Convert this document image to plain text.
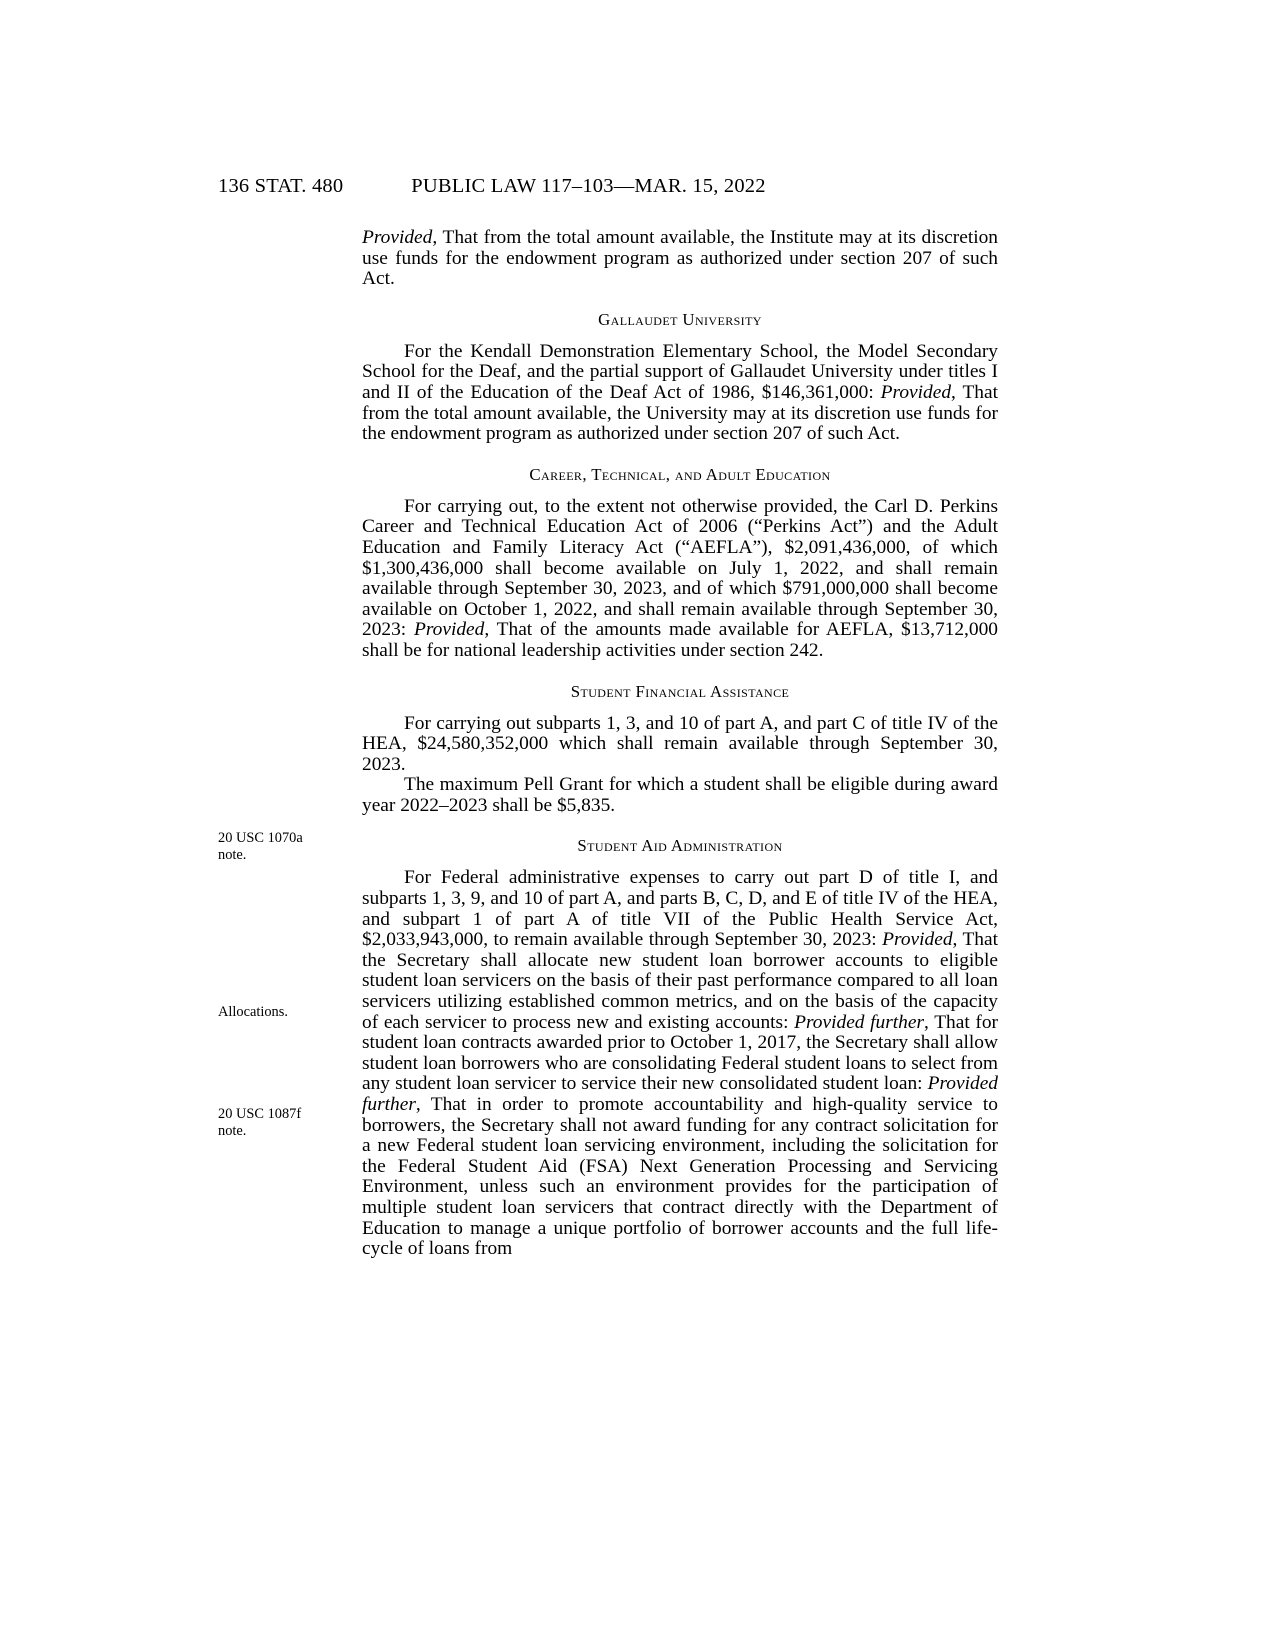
136 STAT. 480	PUBLIC LAW 117–103—MAR. 15, 2022
20 USC 1070a
note.
Allocations.
20 USC 1087f
note.

Provided, That from the total amount available, the Institute may at its discretion use funds for the endowment program as authorized under section 207 of such Act.

Gallaudet University

For the Kendall Demonstration Elementary School, the Model Secondary School for the Deaf, and the partial support of Gallaudet University under titles I and II of the Education of the Deaf Act of 1986, $146,361,000: Provided, That from the total amount available, the University may at its discretion use funds for the endowment program as authorized under section 207 of such Act.

Career, Technical, and Adult Education

For carrying out, to the extent not otherwise provided, the Carl D. Perkins Career and Technical Education Act of 2006 (“Perkins Act”) and the Adult Education and Family Literacy Act (“AEFLA”), $2,091,436,000, of which $1,300,436,000 shall become available on July 1, 2022, and shall remain available through September 30, 2023, and of which $791,000,000 shall become available on October 1, 2022, and shall remain available through September 30, 2023: Provided, That of the amounts made available for AEFLA, $13,712,000 shall be for national leadership activities under section 242.

Student Financial Assistance

For carrying out subparts 1, 3, and 10 of part A, and part C of title IV of the HEA, $24,580,352,000 which shall remain available through September 30, 2023.

The maximum Pell Grant for which a student shall be eligible during award year 2022–2023 shall be $5,835.

Student Aid Administration

For Federal administrative expenses to carry out part D of title I, and subparts 1, 3, 9, and 10 of part A, and parts B, C, D, and E of title IV of the HEA, and subpart 1 of part A of title VII of the Public Health Service Act, $2,033,943,000, to remain available through September 30, 2023: Provided, That the Secretary shall allocate new student loan borrower accounts to eligible student loan servicers on the basis of their past performance compared to all loan servicers utilizing established common metrics, and on the basis of the capacity of each servicer to process new and existing accounts: Provided further, That for student loan contracts awarded prior to October 1, 2017, the Secretary shall allow student loan borrowers who are consolidating Federal student loans to select from any student loan servicer to service their new consolidated student loan: Provided further, That in order to promote accountability and high-quality service to borrowers, the Secretary shall not award funding for any contract solicitation for a new Federal student loan servicing environment, including the solicitation for the Federal Student Aid (FSA) Next Generation Processing and Servicing Environment, unless such an environment provides for the participation of multiple student loan servicers that contract directly with the Department of Education to manage a unique portfolio of borrower accounts and the full life-cycle of loans from
